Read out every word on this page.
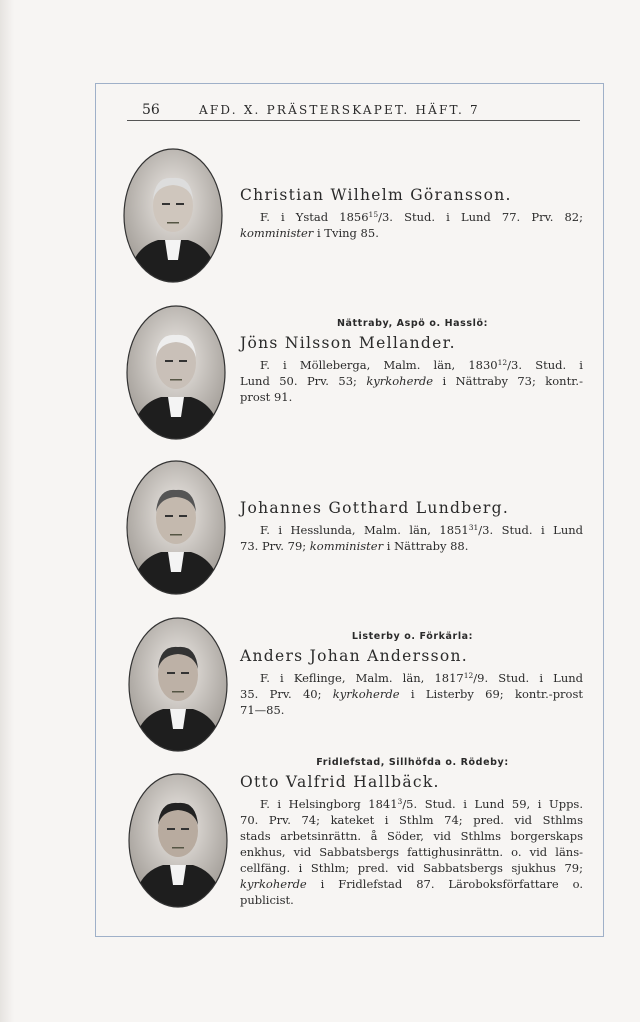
56	AFD. X. PRÄSTERSKAPET. HÄFT. 7
Christian Wilhelm Göransson.
F. i Ystad 1856$^{15}$/3. Stud. i Lund 77. Prv. 82;
komminister i Tving 85.
Nättraby, Aspö o. Hasslö:
Jöns Nilsson Mellander.
F. i Mölleberga, Malm. län, 1830$^{12}$/3. Stud. i
Lund 50. Prv. 53; kyrkoherde i Nättraby 73; kontr.-
prost 91.
Johannes Gotthard Lundberg.
F. i Hesslunda, Malm. län, 1851$^{31}$/3. Stud. i Lund
73. Prv. 79; komminister i Nättraby 88.
Listerby o. Förkärla:
Anders Johan Andersson.
F. i Keflinge, Malm. län, 1817$^{12}$/9. Stud. i Lund
35. Prv. 40; kyrkoherde i Listerby 69; kontr.-prost
71—85.
Fridlefstad, Sillhöfda o. Rödeby:
Otto Valfrid Hallbäck.
F. i Helsingborg 1841$^3$/5. Stud. i Lund 59, i Upps.
70. Prv. 74; kateket i Sthlm 74; pred. vid Sthlms
stads arbetsinrättn. å Söder, vid Sthlms borgerskaps
enkhus, vid Sabbatsbergs fattighusinrättn. o. vid läns-
cellfäng. i Sthlm; pred. vid Sabbatsbergs sjukhus 79;
kyrkoherde i Fridlefstad 87. Läroboksförfattare o.
publicist.
